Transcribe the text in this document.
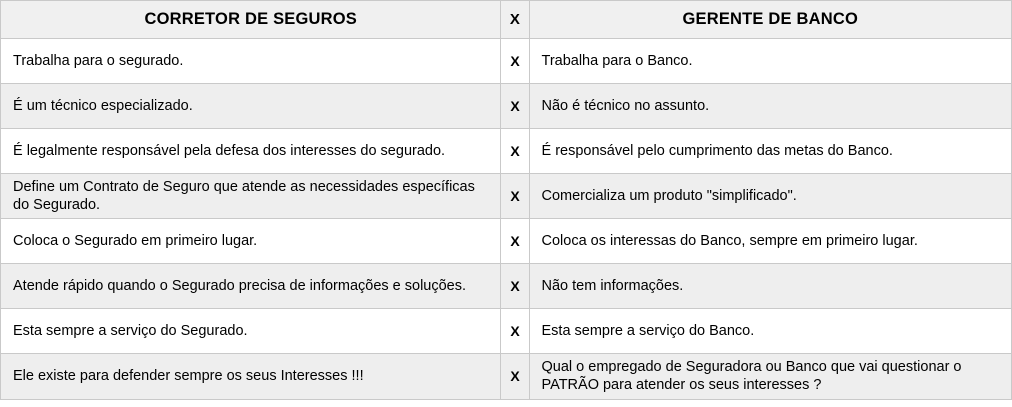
CORRETOR DE SEGUROS	X	GERENTE DE BANCO
Trabalha para o segurado.	X	Trabalha para o Banco.
É um técnico especializado.	X	Não é técnico no assunto.
É legalmente responsável pela defesa dos interesses do segurado.	X	É responsável pelo cumprimento das metas do Banco.
Define um Contrato de Seguro que atende as necessidades específicas do Segurado.	X	Comercializa um produto "simplificado".
Coloca o Segurado em primeiro lugar.	X	Coloca os interessas do Banco, sempre em primeiro lugar.
Atende rápido quando o Segurado precisa de informações e soluções.	X	Não tem informações.
Esta sempre a serviço do Segurado.	X	Esta sempre a serviço do Banco.
Ele existe para defender sempre os seus Interesses !!!	X	Qual o empregado de Seguradora ou Banco que vai questionar o PATRÃO para atender os seus interesses ?
